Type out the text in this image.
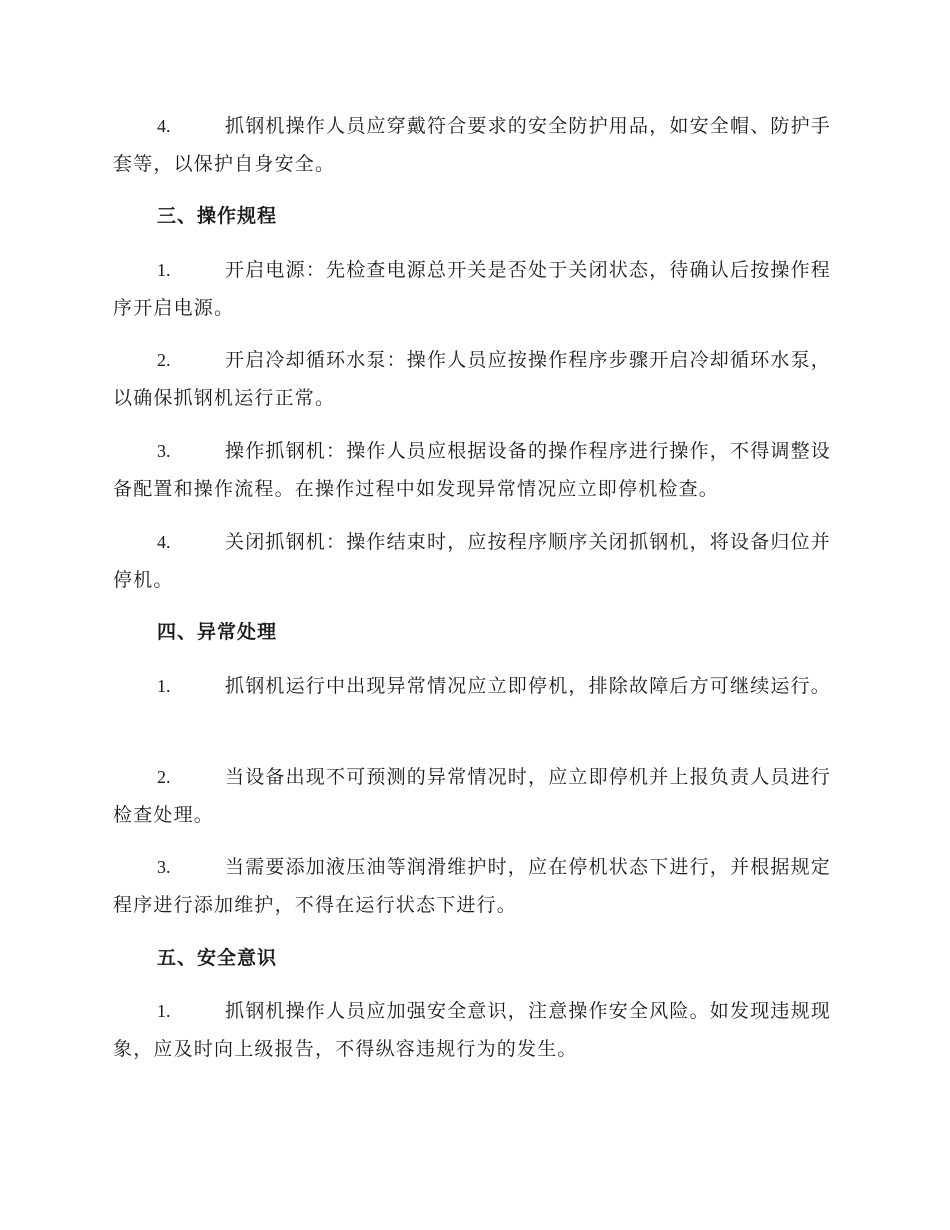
4.	抓钢机操作人员应穿戴符合要求的安全防护用品，如安全帽、防护手套等，以保护自身安全。
三、操作规程
1.	开启电源：先检查电源总开关是否处于关闭状态，待确认后按操作程序开启电源。
2.	开启冷却循环水泵：操作人员应按操作程序步骤开启冷却循环水泵，以确保抓钢机运行正常。
3.	操作抓钢机：操作人员应根据设备的操作程序进行操作，不得调整设备配置和操作流程。在操作过程中如发现异常情况应立即停机检查。
4.	关闭抓钢机：操作结束时，应按程序顺序关闭抓钢机，将设备归位并停机。
四、异常处理
1.	抓钢机运行中出现异常情况应立即停机，排除故障后方可继续运行。
2.	当设备出现不可预测的异常情况时，应立即停机并上报负责人员进行检查处理。
3.	当需要添加液压油等润滑维护时，应在停机状态下进行，并根据规定程序进行添加维护，不得在运行状态下进行。
五、安全意识
1.	抓钢机操作人员应加强安全意识，注意操作安全风险。如发现违规现象，应及时向上级报告，不得纵容违规行为的发生。
